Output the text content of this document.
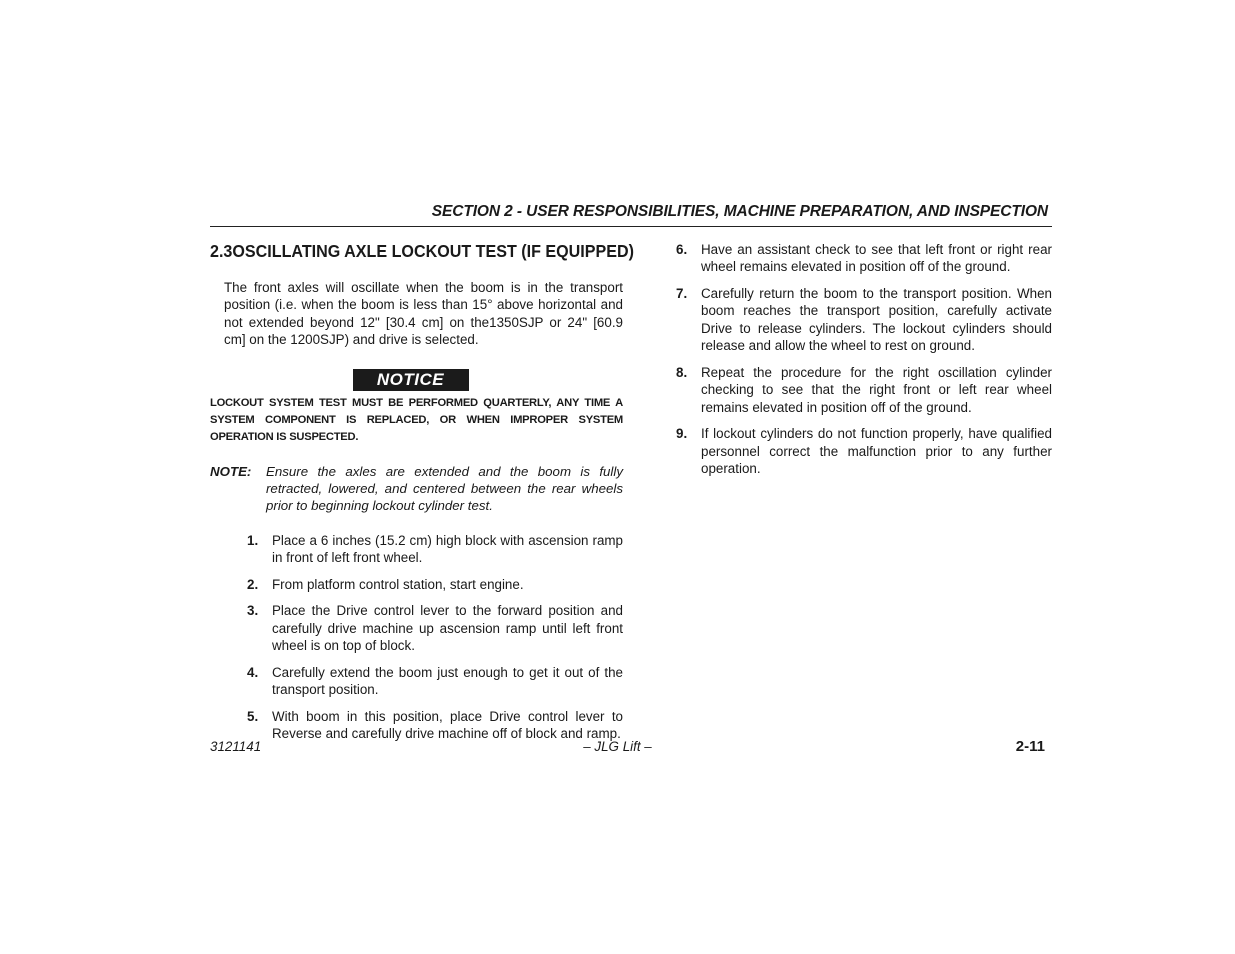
SECTION 2 - USER RESPONSIBILITIES, MACHINE PREPARATION, AND INSPECTION
2.3 OSCILLATING AXLE LOCKOUT TEST (IF EQUIPPED)

The front axles will oscillate when the boom is in the transport position (i.e. when the boom is less than 15° above horizontal and not extended beyond 12" [30.4 cm] on the1350SJP or 24" [60.9 cm] on the 1200SJP) and drive is selected.

NOTICE

LOCKOUT SYSTEM TEST MUST BE PERFORMED QUARTERLY, ANY TIME A SYSTEM COMPONENT IS REPLACED, OR WHEN IMPROPER SYSTEM OPERATION IS SUSPECTED.

NOTE:	Ensure the axles are extended and the boom is fully retracted, lowered, and centered between the rear wheels prior to beginning lockout cylinder test.
1.	Place a 6 inches (15.2 cm) high block with ascension ramp in front of left front wheel.
2.	From platform control station, start engine.
3.	Place the Drive control lever to the forward position and carefully drive machine up ascension ramp until left front wheel is on top of block.
4.	Carefully extend the boom just enough to get it out of the transport position.
5.	With boom in this position, place Drive control lever to Reverse and carefully drive machine off of block and ramp.
6.	Have an assistant check to see that left front or right rear wheel remains elevated in position off of the ground.
7.	Carefully return the boom to the transport position. When boom reaches the transport position, carefully activate Drive to release cylinders. The lockout cylinders should release and allow the wheel to rest on ground.
8.	Repeat the procedure for the right oscillation cylinder checking to see that the right front or left rear wheel remains elevated in position off of the ground.
9.	If lockout cylinders do not function properly, have qualified personnel correct the malfunction prior to any further operation.
3121141	– JLG Lift –	2-11
